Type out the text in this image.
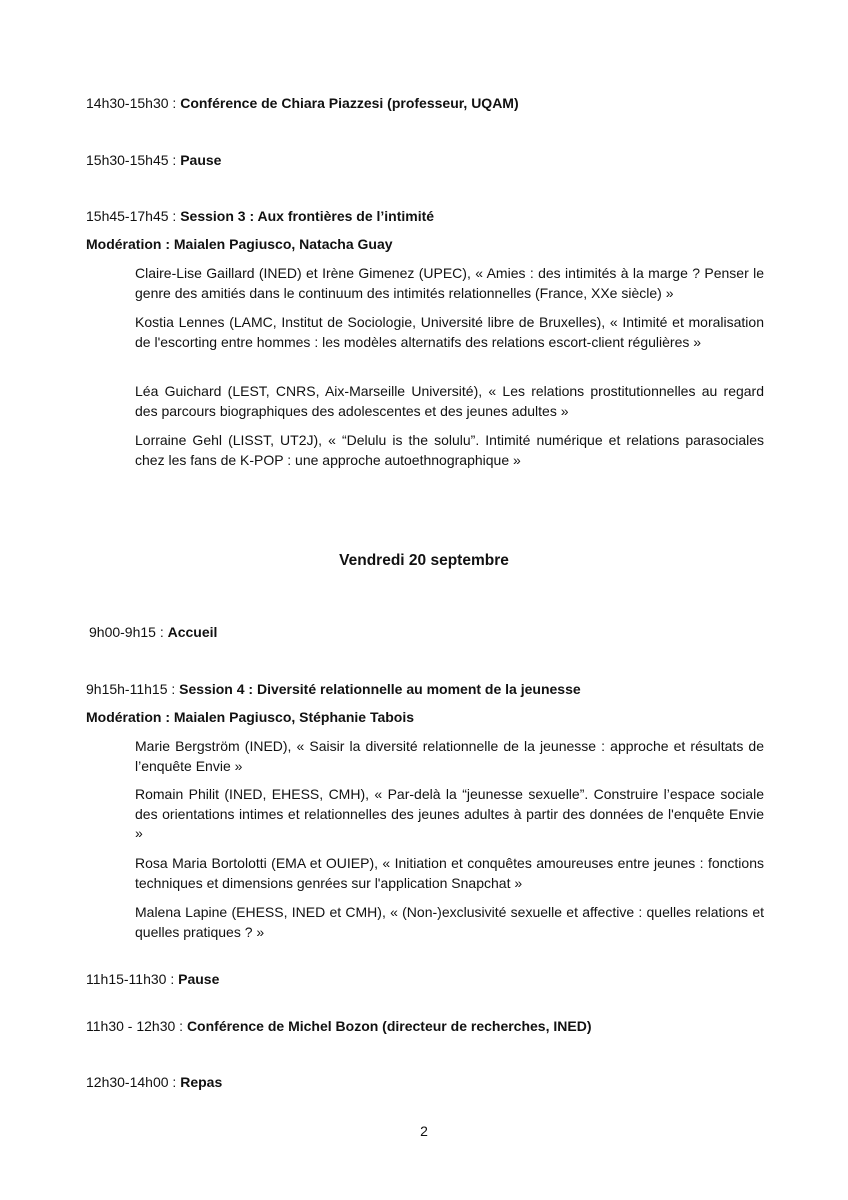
14h30-15h30 : Conférence de Chiara Piazzesi (professeur, UQAM)
15h30-15h45 : Pause
15h45-17h45 : Session 3 : Aux frontières de l’intimité
Modération : Maialen Pagiusco, Natacha Guay

Claire-Lise Gaillard (INED) et Irène Gimenez (UPEC), « Amies : des intimités à la marge ? Penser le genre des amitiés dans le continuum des intimités relationnelles (France, XXe siècle) »

Kostia Lennes (LAMC, Institut de Sociologie, Université libre de Bruxelles), « Intimité et moralisation de l'escorting entre hommes : les modèles alternatifs des relations escort-client régulières »

Léa Guichard (LEST, CNRS, Aix-Marseille Université), « Les relations prostitutionnelles au regard des parcours biographiques des adolescentes et des jeunes adultes »

Lorraine Gehl (LISST, UT2J), « “Delulu is the solulu”. Intimité numérique et relations parasociales chez les fans de K-POP : une approche autoethnographique »

Vendredi 20 septembre
9h00-9h15 : Accueil
9h15h-11h15 : Session 4 : Diversité relationnelle au moment de la jeunesse
Modération : Maialen Pagiusco, Stéphanie Tabois

Marie Bergström (INED), « Saisir la diversité relationnelle de la jeunesse : approche et résultats de l’enquête Envie »

Romain Philit (INED, EHESS, CMH), « Par-delà la “jeunesse sexuelle”. Construire l’espace sociale des orientations intimes et relationnelles des jeunes adultes à partir des données de l'enquête Envie »

Rosa Maria Bortolotti (EMA et OUIEP), « Initiation et conquêtes amoureuses entre jeunes : fonctions techniques et dimensions genrées sur l'application Snapchat »

Malena Lapine (EHESS, INED et CMH), « (Non-)exclusivité sexuelle et affective : quelles relations et quelles pratiques ? »

11h15-11h30 : Pause
11h30 - 12h30 : Conférence de Michel Bozon (directeur de recherches, INED)
12h30-14h00 : Repas
2
